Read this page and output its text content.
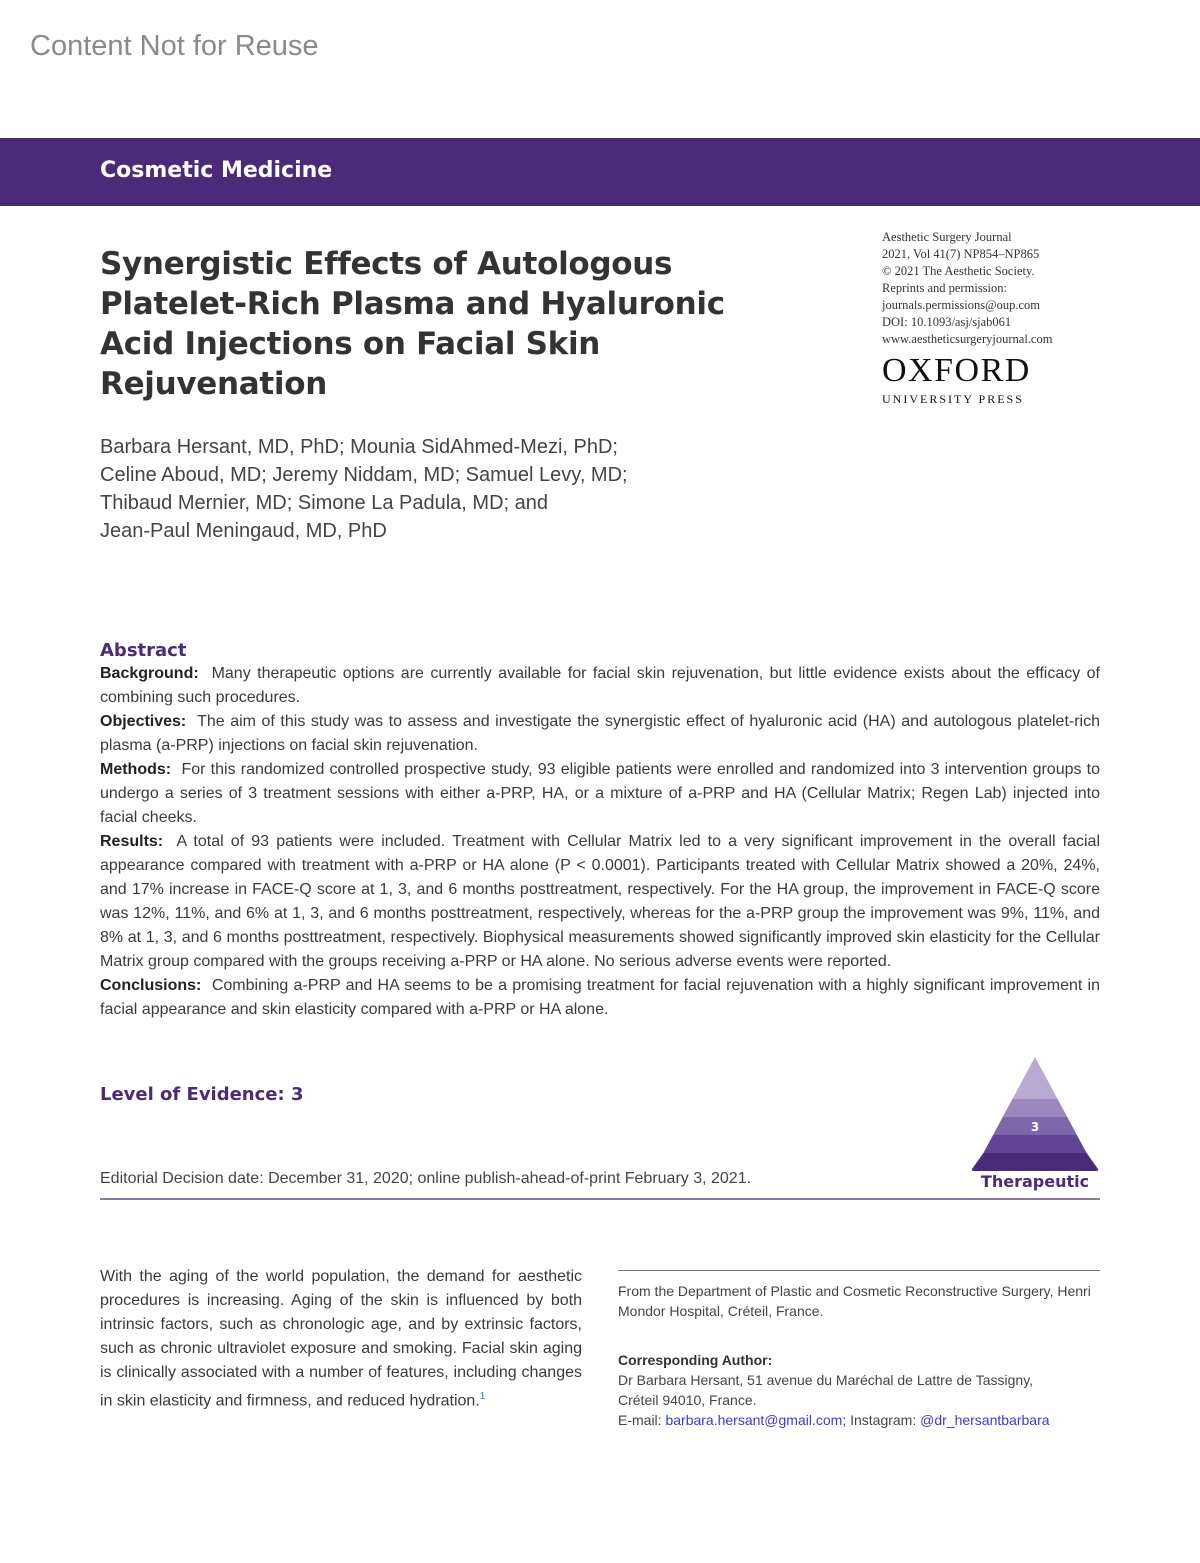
Content Not for Reuse
Cosmetic Medicine
Synergistic Effects of Autologous Platelet-Rich Plasma and Hyaluronic Acid Injections on Facial Skin Rejuvenation
Aesthetic Surgery Journal
2021, Vol 41(7) NP854–NP865
© 2021 The Aesthetic Society.
Reprints and permission:
journals.permissions@oup.com
DOI: 10.1093/asj/sjab061
www.aestheticsurgeryjournal.com
OXFORD
UNIVERSITY PRESS
Barbara Hersant, MD, PhD; Mounia SidAhmed-Mezi, PhD;
Celine Aboud, MD; Jeremy Niddam, MD; Samuel Levy, MD;
Thibaud Mernier, MD; Simone La Padula, MD; and
Jean-Paul Meningaud, MD, PhD
Abstract

Background: Many therapeutic options are currently available for facial skin rejuvenation, but little evidence exists about the efficacy of combining such procedures.

Objectives: The aim of this study was to assess and investigate the synergistic effect of hyaluronic acid (HA) and autologous platelet-rich plasma (a-PRP) injections on facial skin rejuvenation.

Methods: For this randomized controlled prospective study, 93 eligible patients were enrolled and randomized into 3 intervention groups to undergo a series of 3 treatment sessions with either a-PRP, HA, or a mixture of a-PRP and HA (Cellular Matrix; Regen Lab) injected into facial cheeks.

Results: A total of 93 patients were included. Treatment with Cellular Matrix led to a very significant improvement in the overall facial appearance compared with treatment with a-PRP or HA alone (P < 0.0001). Participants treated with Cellular Matrix showed a 20%, 24%, and 17% increase in FACE-Q score at 1, 3, and 6 months posttreatment, respectively. For the HA group, the improvement in FACE-Q score was 12%, 11%, and 6% at 1, 3, and 6 months posttreatment, respectively, whereas for the a-PRP group the improvement was 9%, 11%, and 8% at 1, 3, and 6 months posttreatment, respectively. Biophysical measurements showed significantly improved skin elasticity for the Cellular Matrix group compared with the groups receiving a-PRP or HA alone. No serious adverse events were reported.

Conclusions: Combining a-PRP and HA seems to be a promising treatment for facial rejuvenation with a highly significant improvement in facial appearance and skin elasticity compared with a-PRP or HA alone.

Level of Evidence: 3
3
Therapeutic
Editorial Decision date: December 31, 2020; online publish-ahead-of-print February 3, 2021.
With the aging of the world population, the demand for aesthetic procedures is increasing. Aging of the skin is influenced by both intrinsic factors, such as chronologic age, and by extrinsic factors, such as chronic ultraviolet exposure and smoking. Facial skin aging is clinically associated with a number of features, including changes in skin elasticity and firmness, and reduced hydration.$^1$
From the Department of Plastic and Cosmetic Reconstructive Surgery, Henri Mondor Hospital, Créteil, France.
Corresponding Author:
Dr Barbara Hersant, 51 avenue du Maréchal de Lattre de Tassigny,
Créteil 94010, France.
E-mail: barbara.hersant@gmail.com; Instagram: @dr_hersantbarbara
